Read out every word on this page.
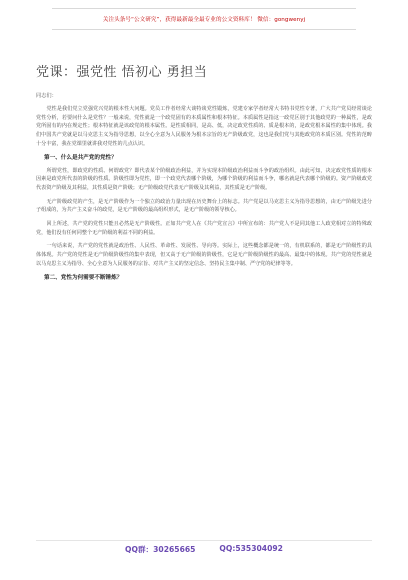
关注头条号“公文研究”，获得最新最全最专业的公文资料库！ 微信：gongwenyj
党课：强党性 悟初心 勇担当
同志们：

党性是我们党立党强党兴党的根本性大问题。党员工作者经常大谈特谈党性锻炼，党建专家学者经常大书特书党性专著，广大共产党员经常谈论党性分析，若要问什么是党性？一般来说，党性就是一个政党固有的本质属性和根本特征。本质属性是指这一政党区别于其他政党的一种属性，是政党所固有的内在规定性；根本特征就是该政党的根本属性。是性质相同，是高、低，决定政党性质的、质是根本的，是政党根本属性的集中体现。我们中国共产党就是以马克思主义为指导思想，以全心全意为人民服务为根本宗旨的无产阶级政党，这也是我们党与其他政党的本质区别。党性的范畴十分丰富，我在党课里就讲我对党性的几点认识。

第一、什么是共产党的党性？

所谓党性，即政党的性质、何谓政党？即代表某个阶级政治利益，并为实现本阶级政治利益而斗争的政治组织。由此可知，决定政党性质的根本因素是政党所代表的阶级的性质。阶级性即为党性，即一个政党代表哪个阶级，为哪个阶级的利益而斗争，哪名就是代表哪个阶级的。资产阶级政党代表资产阶级及其利益，其性质是资产阶级；无产阶级政党代表无产阶级及其利益，其性质是无产阶级。

无产阶级政党的产生，是无产阶级作为一个独立的政治力量出现在历史舞台上的标志。共产党是以马克思主义为指导思想的，由无产阶级先进分子组成的，为共产主义奋斗的政党，是无产阶级的最高组织形式，是无产阶级的领导核心。

回上所述，共产党的党性只能且必然是无产阶级性。正如共产党人在《共产党宣言》中所宣布的：共产党人不是同其他工人政党相对立的特殊政党，他们没有任何同整个无产阶级的利益不同的利益。

一句话来说，共产党的党性就是政治性、人民性、革命性、发展性、导向等。实际上，这些概念都是统一的，有机联系的，都是无产阶级性的具体体现。共产党的党性是无产阶级阶级性的集中表现，但又高于无产阶级的阶级性，它是无产阶级阶级性的最高、最集中的体现。共产党的党性就是以马克思主义为指导、全心全意为人民服务的宗旨、对共产主义的坚定信念、坚持民主集中制、严守党的纪律等等。

第二、党性为何需要不断锤炼？
QQ群：30265665	QQ:535304092
